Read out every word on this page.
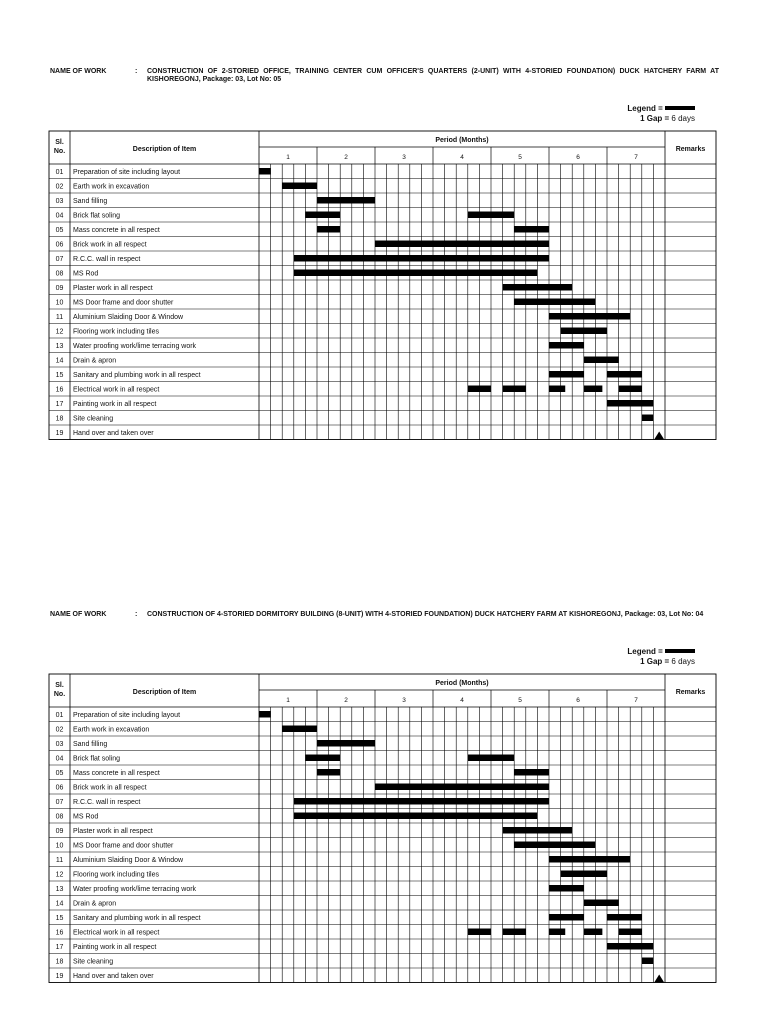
NAME OF WORK	: CONSTRUCTION OF 2-STORIED OFFICE, TRAINING CENTER CUM OFFICER'S QUARTERS (2-UNIT) WITH 4-STORIED FOUNDATION) DUCK HATCHERY FARM AT KISHOREGONJ, Package: 03, Lot No: 05
Legend =
1 Gap = 6 days
Sl.
No.	Description of Item
Period (Months)
Remarks
1	2	3	4	5	6	7
01 Preparation of site including layout
02 Earth work in excavation
03 Sand filling
04 Brick flat soling
05 Mass concrete in all respect
06 Brick work in all respect
07 R.C.C. wall in respect
08 MS Rod
09 Plaster work in all respect
10 MS Door frame and door shutter
11 Aluminium Slaiding Door & Window
12 Flooring work including tiles
13 Water proofing work/lime terracing work
14 Drain & apron
15 Sanitary and plumbing work in all respect
16 Electrical work in all respect
17 Painting work in all respect
18 Site cleaning
19 Hand over and taken over
NAME OF WORK	: CONSTRUCTION OF 4-STORIED DORMITORY BUILDING (8-UNIT) WITH 4-STORIED FOUNDATION) DUCK HATCHERY FARM AT KISHOREGONJ, Package: 03, Lot No: 04
Legend =
1 Gap = 6 days
Sl.
No.	Description of Item
Period (Months)
Remarks
1	2	3	4	5	6	7
01 Preparation of site including layout
02 Earth work in excavation
03 Sand filling
04 Brick flat soling
05 Mass concrete in all respect
06 Brick work in all respect
07 R.C.C. wall in respect
08 MS Rod
09 Plaster work in all respect
10 MS Door frame and door shutter
11 Aluminium Slaiding Door & Window
12 Flooring work including tiles
13 Water proofing work/lime terracing work
14 Drain & apron
15 Sanitary and plumbing work in all respect
16 Electrical work in all respect
17 Painting work in all respect
18 Site cleaning
19 Hand over and taken over
